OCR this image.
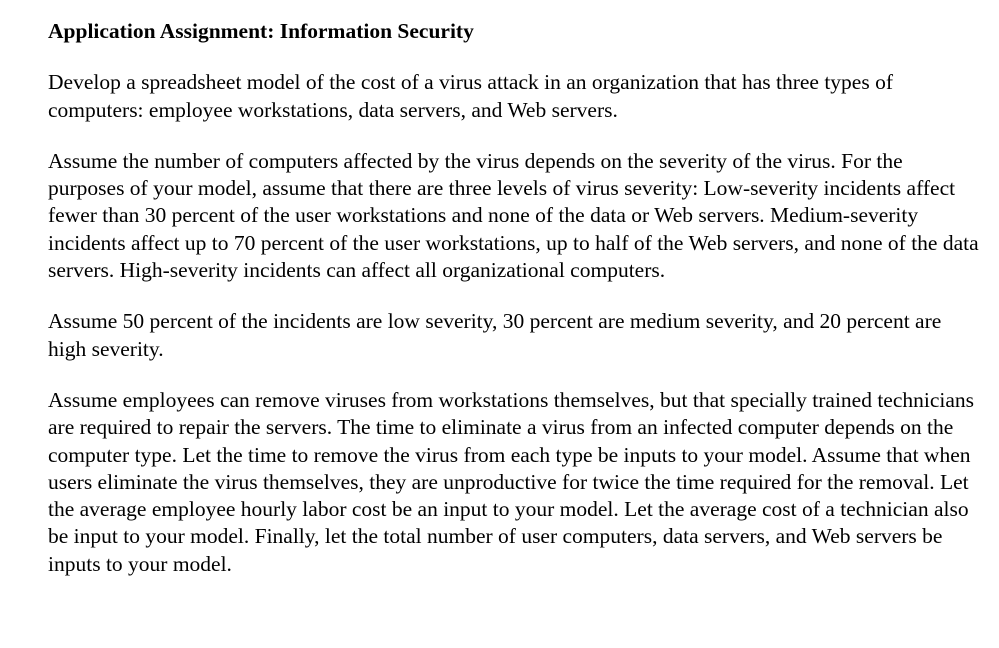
Application Assignment: Information Security

Develop a spreadsheet model of the cost of a virus attack in an organization that has three types of computers: employee workstations, data servers, and Web servers.

Assume the number of computers affected by the virus depends on the severity of the virus. For the purposes of your model, assume that there are three levels of virus severity: Low-severity incidents affect fewer than 30 percent of the user workstations and none of the data or Web servers. Medium-severity incidents affect up to 70 percent of the user workstations, up to half of the Web servers, and none of the data servers. High-severity incidents can affect all organizational computers.

Assume 50 percent of the incidents are low severity, 30 percent are medium severity, and 20 percent are high severity.

Assume employees can remove viruses from workstations themselves, but that specially trained technicians are required to repair the servers. The time to eliminate a virus from an infected computer depends on the computer type. Let the time to remove the virus from each type be inputs to your model. Assume that when users eliminate the virus themselves, they are unproductive for twice the time required for the removal. Let the average employee hourly labor cost be an input to your model. Let the average cost of a technician also be input to your model. Finally, let the total number of user computers, data servers, and Web servers be inputs to your model.
